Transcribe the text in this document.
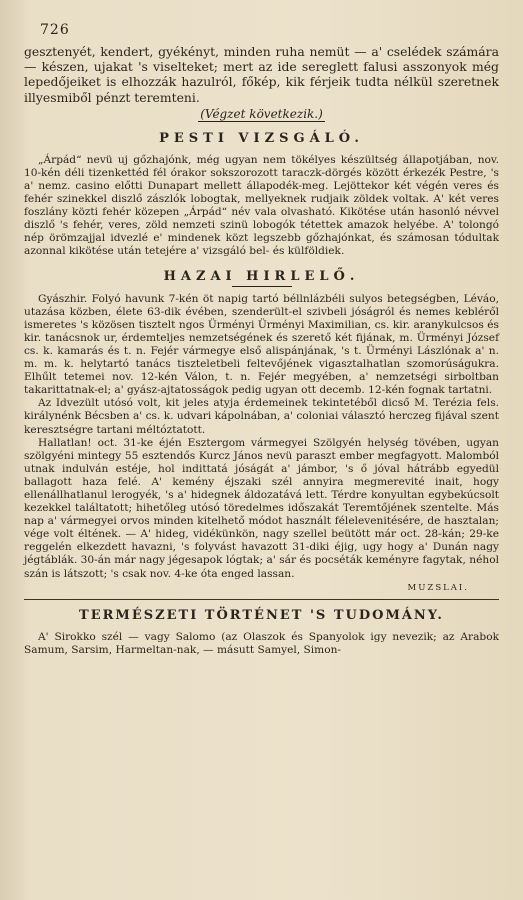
726

gesztenyét, kendert, gyékényt, minden ruha nemüt — a' cselédek számára — készen, ujakat 's viselteket; mert az ide sereglett falusi asszonyok még lepedőjeiket is elhozzák hazulról, főkép, kik férjeik tudta nélkül szeretnek illyesmiből pénzt teremteni.

(Végzet következik.)
PESTI VIZSGÁLÓ.

„Árpád“ nevü uj gőzhajónk, még ugyan nem tökélyes készültség állapotjában, nov. 10-kén déli tizenkettéd fél órakor sokszorozott taraczk-dörgés között érkezék Pestre, 's a' nemz. casino előtti Dunapart mellett állapodék-meg. Lejöttekor két végén veres és fehér szinekkel diszlő zászlók lobogtak, mellyeknek rudjaik zöldek voltak. A' két veres foszlány közti fehér közepen „Árpád“ név vala olvasható. Kikötése után hasonló névvel diszlő 's fehér, veres, zöld nemzeti szinü lobogók tétettek amazok helyébe. A' tolongó nép örömzajjal idvezlé e' mindenek közt legszebb gőzhajónkat, és számosan tódultak azonnal kikötése után tetejére a' vizsgáló bel- és külföldiek.

HAZAI HIRLELŐ.

Gyászhir. Folyó havunk 7-kén öt napig tartó béllnlázbéli sulyos betegségben, Léváo, utazása közben, élete 63-dik évében, szenderült-el szivbeli jóságról és nemes kebléről ismeretes 's közösen tisztelt ngos Ürményi Ürményi Maximilian, cs. kir. aranykulcsos és kir. tanácsnok ur, érdemteljes nemzetségének és szerető két fijának, m. Ürményi József cs. k. kamarás és t. n. Fejér vármegye első alispánjának, 's t. Ürményi Lászlónak a' n. m. m. k. helytartó tanács tiszteletbeli feltevőjének vigasztalhatlan szomorúságukra. Elhűlt tetemei nov. 12-kén Válon, t. n. Fejér megyében, a' nemzetségi sirboltban takarittatnak-el; a' gyász-ajtatosságok pedig ugyan ott decemb. 12-kén fognak tartatni.

Az Idvezült utósó volt, kit jeles atyja érdemeinek tekintetéből dicső M. Terézia fels. királynénk Bécsben a' cs. k. udvari kápolnában, a' coloniai választó herczeg fijával szent keresztségre tartani méltóztatott.

Hallatlan! oct. 31-ke éjén Esztergom vármegyei Szölgyén helység tövében, ugyan szölgyéni mintegy 55 esztendős Kurcz János nevü paraszt ember megfagyott. Malomból utnak indulván estéje, hol indittatá jóságát a' jámbor, 's ő jóval hátrább egyedül ballagott haza felé. A' kemény éjszaki szél annyira megmerevité inait, hogy ellenállhatlanul lerogyék, 's a' hidegnek áldozatává lett. Térdre konyultan egybekúcsolt kezekkel találtatott; hihetőleg utósó töredelmes időszakát Teremtőjének szentelte. Más nap a' vármegyei orvos minden kitelhető módot használt félelevenitésére, de hasztalan; vége volt éltének. — A' hideg, vidékünkön, nagy szellel beütött már oct. 28-kán; 29-ke reggelén elkezdett havazni, 's folyvást havazott 31-diki éjig, ugy hogy a' Dunán nagy jégtáblák. 30-án már nagy jégesapok lógtak; a' sár és pocséták keményre fagytak, néhol szán is látszott; 's csak nov. 4-ke óta enged lassan.

MUZSLAI.
TERMÉSZETI TÖRTÉNET 'S TUDOMÁNY.

A' Sirokko szél — vagy Salomo (az Olaszok és Spanyolok igy nevezik; az Arabok Samum, Sarsim, Harmeltan-nak, — másutt Samyel, Simon-
